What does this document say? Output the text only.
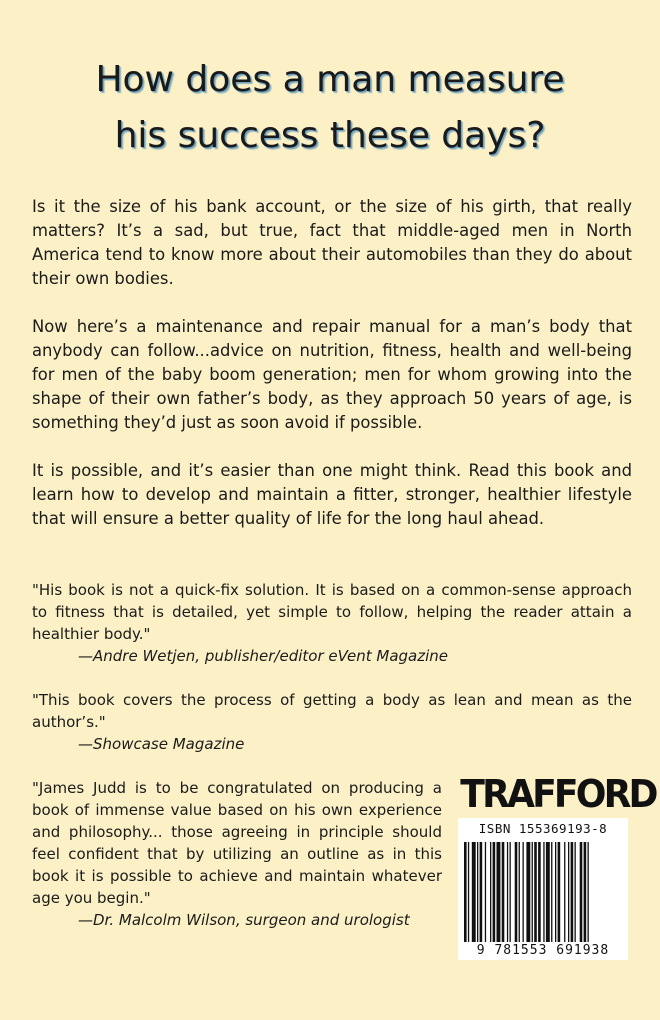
How does a man measure
his success these days?

Is it the size of his bank account, or the size of his girth, that really matters? It’s a sad, but true, fact that middle-aged men in North America tend to know more about their automobiles than they do about their own bodies.

Now here’s a maintenance and repair manual for a man’s body that anybody can follow...advice on nutrition, fitness, health and well-being for men of the baby boom generation; men for whom growing into the shape of their own father’s body, as they approach 50 years of age, is something they’d just as soon avoid if possible.

It is possible, and it’s easier than one might think. Read this book and learn how to develop and maintain a fitter, stronger, healthier lifestyle that will ensure a better quality of life for the long haul ahead.

"His book is not a quick-fix solution. It is based on a common-sense approach to fitness that is detailed, yet simple to follow, helping the reader attain a healthier body."
—Andre Wetjen, publisher/editor eVent Magazine
"This book covers the process of getting a body as lean and mean as the author’s."
—Showcase Magazine
"James Judd is to be congratulated on producing a book of immense value based on his own experience and philosophy... those agreeing in principle should feel confident that by utilizing an outline as in this book it is possible to achieve and maintain whatever age you begin."
—Dr. Malcolm Wilson, surgeon and urologist
TRAFFORD
ISBN 155369193-8
9 781553 691938
